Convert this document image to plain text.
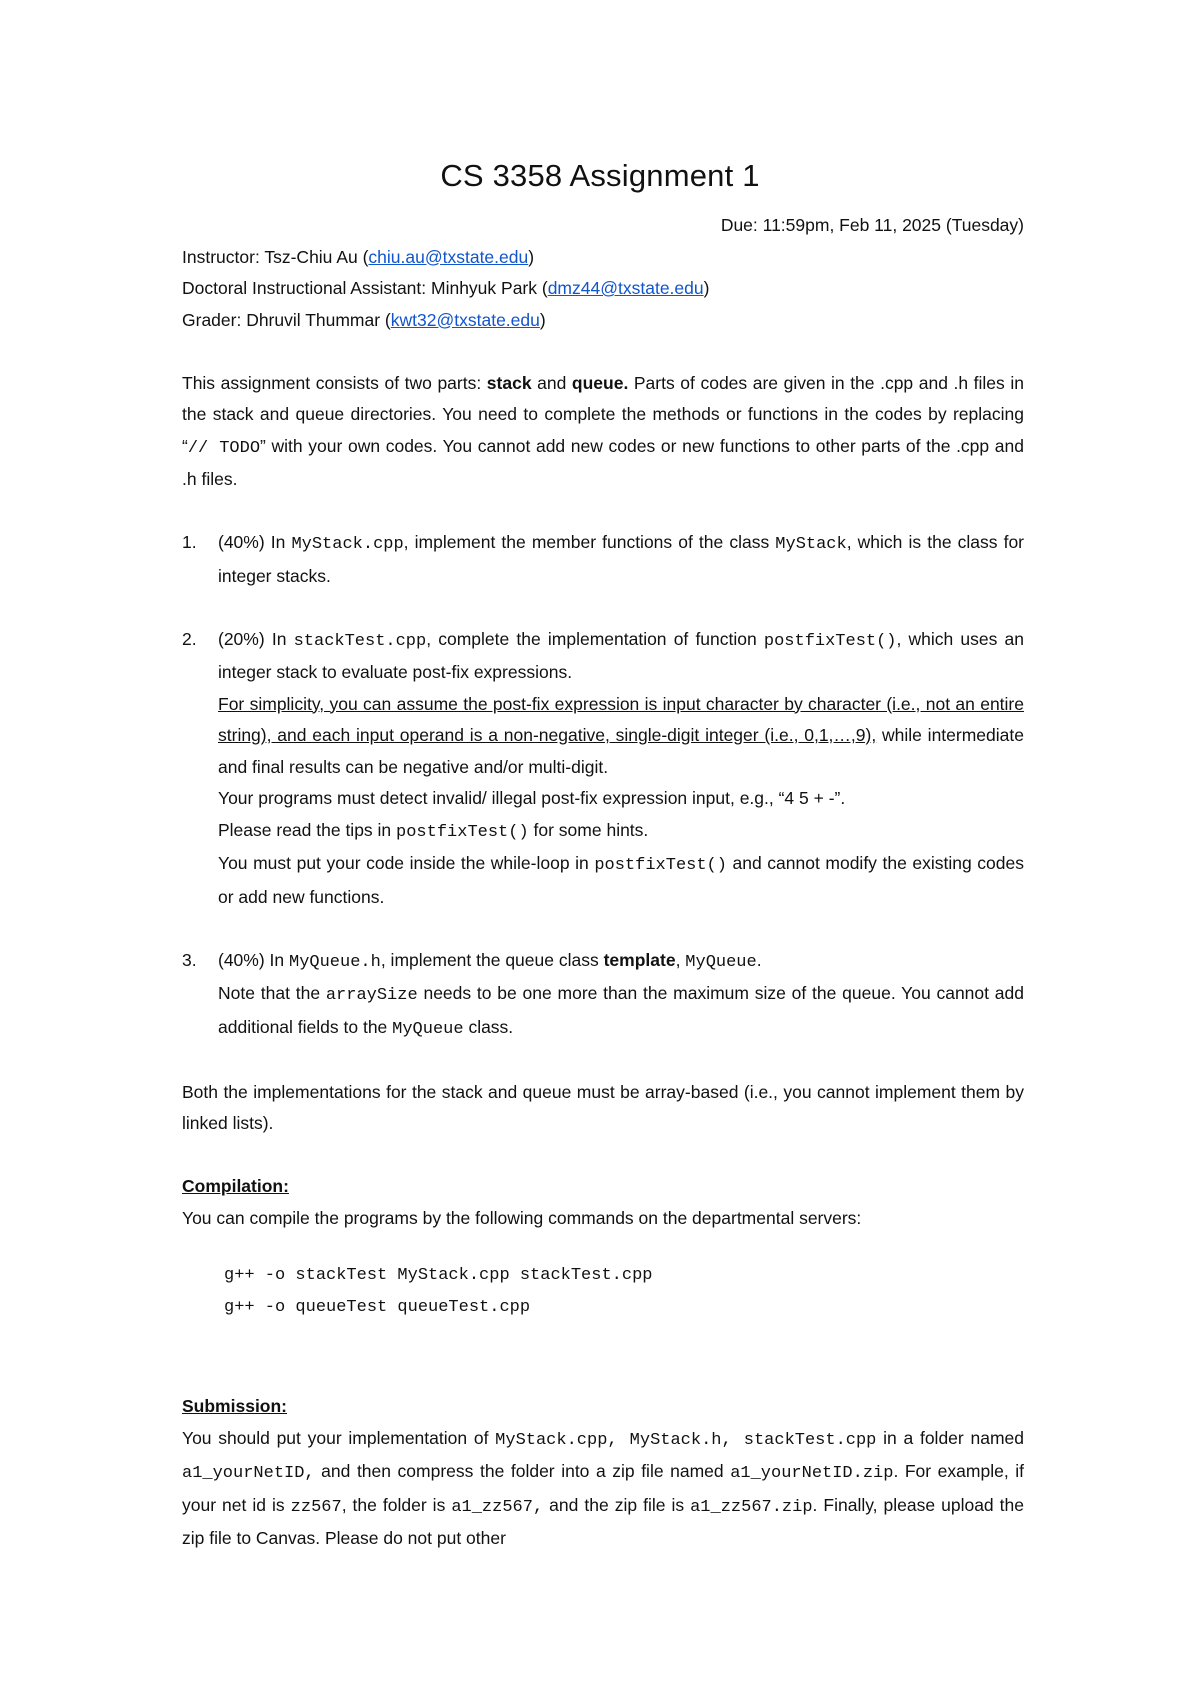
CS 3358 Assignment 1
Due: 11:59pm, Feb 11, 2025 (Tuesday)
Instructor: Tsz-Chiu Au (chiu.au@txstate.edu)
Doctoral Instructional Assistant: Minhyuk Park (dmz44@txstate.edu)
Grader: Dhruvil Thummar (kwt32@txstate.edu)
This assignment consists of two parts: stack and queue. Parts of codes are given in the .cpp and .h files in the stack and queue directories. You need to complete the methods or functions in the codes by replacing “// TODO” with your own codes. You cannot add new codes or new functions to other parts of the .cpp and .h files.
1. (40%) In MyStack.cpp, implement the member functions of the class MyStack, which is the class for integer stacks.
2. (20%) In stackTest.cpp, complete the implementation of function postfixTest(), which uses an integer stack to evaluate post-fix expressions.
For simplicity, you can assume the post-fix expression is input character by character (i.e., not an entire string), and each input operand is a non-negative, single-digit integer (i.e., 0,1,…,9), while intermediate and final results can be negative and/or multi-digit.
Your programs must detect invalid/ illegal post-fix expression input, e.g., “4 5 + -”.
Please read the tips in postfixTest() for some hints.
You must put your code inside the while-loop in postfixTest() and cannot modify the existing codes or add new functions.
3. (40%) In MyQueue.h, implement the queue class template, MyQueue.
Note that the arraySize needs to be one more than the maximum size of the queue. You cannot add additional fields to the MyQueue class.
Both the implementations for the stack and queue must be array-based (i.e., you cannot implement them by linked lists).
Compilation:
You can compile the programs by the following commands on the departmental servers:
g++ -o stackTest MyStack.cpp stackTest.cpp
g++ -o queueTest queueTest.cpp
Submission:
You should put your implementation of MyStack.cpp, MyStack.h, stackTest.cpp in a folder named a1_yourNetID, and then compress the folder into a zip file named a1_yourNetID.zip. For example, if your net id is zz567, the folder is a1_zz567, and the zip file is a1_zz567.zip. Finally, please upload the zip file to Canvas. Please do not put other
